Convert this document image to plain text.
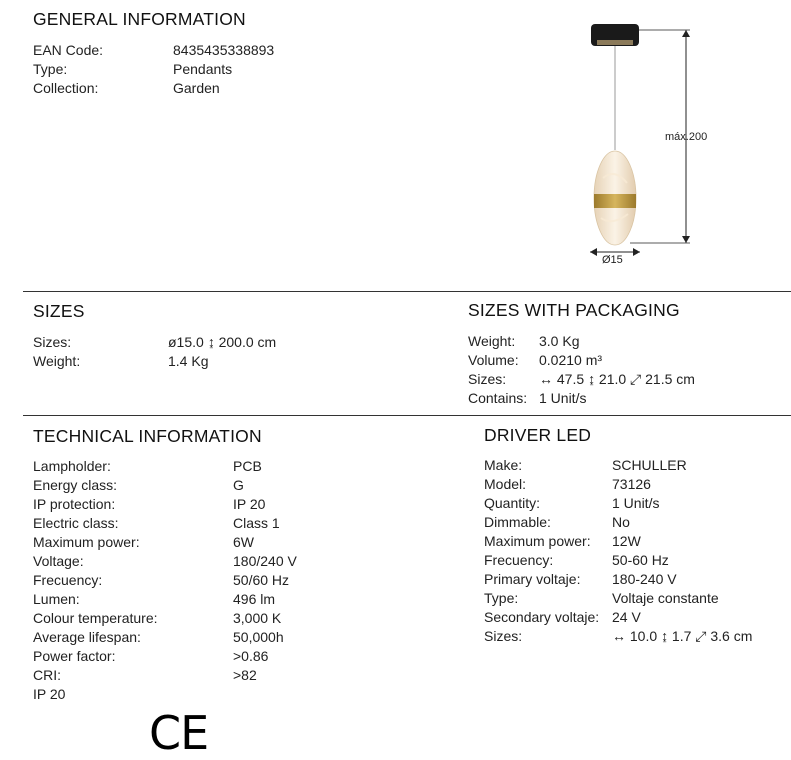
GENERAL INFORMATION
EAN Code:	8435435338893
Type:	Pendants
Collection:	Garden
máx.200
Ø15
SIZES
Sizes:	ø15.0 ↨ 200.0 cm
Weight:	1.4 Kg
SIZES WITH PACKAGING
Weight: 3.0 Kg
Volume: 0.0210 m³
Sizes: ↔ 47.5 ↨ 21.0 ⤢ 21.5 cm
Contains: 1 Unit/s
TECHNICAL INFORMATION
Lampholder:	PCB
Energy class:	G
IP protection:	IP 20
Electric class:	Class 1
Maximum power:	6W
Voltage:	180/240 V
Frecuency:	50/60 Hz
Lumen:	496 lm
Colour temperature:	3,000 K
Average lifespan:	50,000h
Power factor:	>0.86
CRI:	>82
IP 20
CE
DRIVER LED
Make:	SCHULLER
Model:	73126
Quantity:	1 Unit/s
Dimmable:	No
Maximum power: 12W
Frecuency:	50-60 Hz
Primary voltaje: 180-240 V
Type:	Voltaje constante
Secondary voltaje: 24 V
Sizes:	↔ 10.0 ↨ 1.7 ⤢ 3.6 cm
